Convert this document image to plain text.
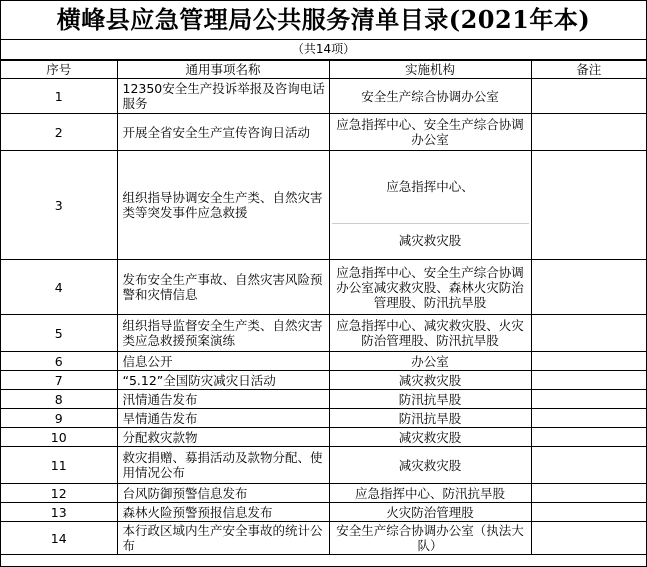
横峰县应急管理局公共服务清单目录(2021年本)
（共14项）
序号	通用事项名称	实施机构	备注
1	12350安全生产投诉举报及咨询电话服务	安全生产综合协调办公室	
2	开展全省安全生产宣传咨询日活动	应急指挥中心、安全生产综合协调办公室	
3	组织指导协调安全生产类、自然灾害类等突发事件应急救援	应急指挥中心、
减灾救灾股	

4	发布安全生产事故、自然灾害风险预警和灾情信息	应急指挥中心、安全生产综合协调办公室减灾救灾股、森林火灾防治管理股、防汛抗旱股	
5	组织指导监督安全生产类、自然灾害类应急救援预案演练	应急指挥中心、减灾救灾股、火灾防治管理股、防汛抗旱股	
6	信息公开	办公室	
7	“5.12”全国防灾减灾日活动	减灾救灾股	
8	汛情通告发布	防汛抗旱股	
9	旱情通告发布	防汛抗旱股	
10	分配救灾款物	减灾救灾股	
11	救灾捐赠、募捐活动及款物分配、使用情况公布	减灾救灾股	
12	台风防御预警信息发布	应急指挥中心、防汛抗旱股	
13	森林火险预警预报信息发布	火灾防治管理股	
14	本行政区域内生产安全事故的统计公布	安全生产综合协调办公室（执法大队）	
